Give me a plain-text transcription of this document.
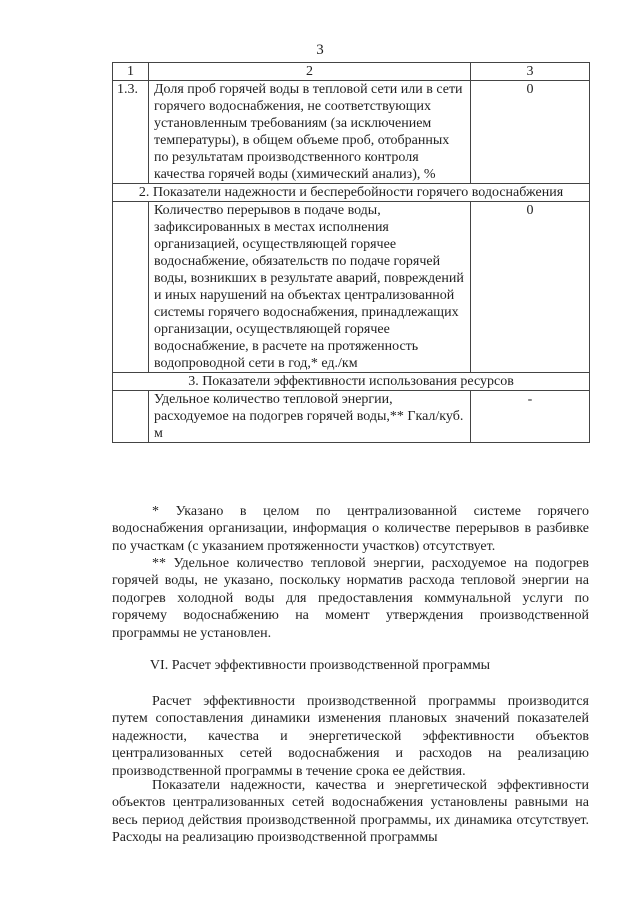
3
1	2	3
1.3.	Доля проб горячей воды в тепловой сети или в сети горячего водоснабжения, не соответствующих установленным требованиям (за исключением температуры), в общем объеме проб, отобранных по результатам производственного контроля качества горячей воды (химический анализ), %	0
2. Показатели надежности и бесперебойности горячего водоснабжения		
	Количество перерывов в подаче воды, зафиксированных в местах исполнения организацией, осуществляющей горячее водоснабжение, обязательств по подаче горячей воды, возникших в результате аварий, повреждений и иных нарушений на объектах централизованной системы горячего водоснабжения, принадлежащих организации, осуществляющей горячее водоснабжение, в расчете на протяженность водопроводной сети в год,* ед./км	0
3. Показатели эффективности использования ресурсов		
	Удельное количество тепловой энергии, расходуемое на подогрев горячей воды,** Гкал/куб. м	-
* Указано в целом по централизованной системе горячего водоснабжения организации, информация о количестве перерывов в разбивке по участкам (с указанием протяженности участков) отсутствует.
** Удельное количество тепловой энергии, расходуемое на подогрев горячей воды, не указано, поскольку норматив расхода тепловой энергии на подогрев холодной воды для предоставления коммунальной услуги по горячему водоснабжению на момент утверждения производственной программы не установлен.
VI. Расчет эффективности производственной программы
Расчет эффективности производственной программы производится путем сопоставления динамики изменения плановых значений показателей надежности, качества и энергетической эффективности объектов централизованных сетей водоснабжения и расходов на реализацию производственной программы в течение срока ее действия.
Показатели надежности, качества и энергетической эффективности объектов централизованных сетей водоснабжения установлены равными на весь период действия производственной программы, их динамика отсутствует. Расходы на реализацию производственной программы
